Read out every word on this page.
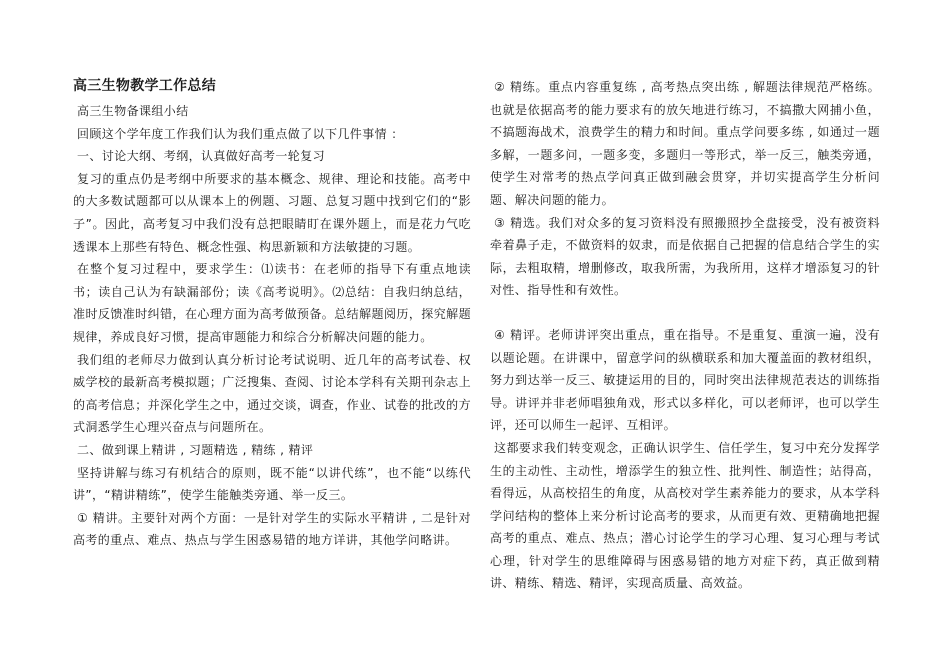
高三生物教学工作总结

高三生物备课组小结

回顾这个学年度工作我们认为我们重点做了以下几件事情 ：

一、讨论大纲、考纲，认真做好高考一轮复习

复习的重点仍是考纲中所要求的基本概念、规律、理论和技能。高考中的大多数试题都可以从课本上的例题、习题、总复习题中找到它们的“影子”。因此，高考复习中我们没有总把眼睛盯在课外题上，而是花力气吃透课本上那些有特色、概念性强、构思新颖和方法敏捷的习题。

在整个复习过程中，要求学生：⑴读书：在老师的指导下有重点地读书；读自己认为有缺漏部份；读《高考说明》。⑵总结：自我归纳总结，准时反馈准时纠错，在心理方面为高考做预备。总结解题阅历，探究解题规律，养成良好习惯，提高审题能力和综合分析解决问题的能力。

我们组的老师尽力做到认真分析讨论考试说明、近几年的高考试卷、权威学校的最新高考模拟题；广泛搜集、查阅、讨论本学科有关期刊杂志上的高考信息；并深化学生之中，通过交谈，调查，作业、试卷的批改的方式洞悉学生心理兴奋点与问题所在。

二、做到课上精讲 , 习题精选 , 精练 , 精评

坚持讲解与练习有机结合的原则，既不能“以讲代练”，也不能“以练代讲”，“精讲精练”，使学生能触类旁通、举一反三。

① 精讲。主要针对两个方面：一是针对学生的实际水平精讲 , 二是针对高考的重点、难点、热点与学生困惑易错的地方详讲，其他学问略讲。

② 精练。重点内容重复练 , 高考热点突出练 , 解题法律规范严格练。也就是依据高考的能力要求有的放矢地进行练习，不搞撒大网捕小鱼，不搞题海战术，浪费学生的精力和时间。重点学问要多练 , 如通过一题多解，一题多问，一题多变，多题归一等形式，举一反三，触类旁通，使学生对常考的热点学问真正做到融会贯穿，并切实提高学生分析问题、解决问题的能力。

③ 精选。我们对众多的复习资料没有照搬照抄全盘接受，没有被资料牵着鼻子走，不做资料的奴隶，而是依据自己把握的信息结合学生的实际，去粗取精，增删修改，取我所需，为我所用，这样才增添复习的针对性、指导性和有效性。

④ 精评。老师讲评突出重点，重在指导。不是重复、重演一遍，没有以题论题。在讲课中，留意学问的纵横联系和加大覆盖面的教材组织，努力到达举一反三、敏捷运用的目的，同时突出法律规范表达的训练指导。讲评并非老师唱独角戏，形式以多样化，可以老师评，也可以学生评，还可以师生一起评、互相评。

这都要求我们转变观念，正确认识学生、信任学生，复习中充分发挥学生的主动性、主动性，增添学生的独立性、批判性、制造性；站得高，看得远，从高校招生的角度，从高校对学生素养能力的要求，从本学科学问结构的整体上来分析讨论高考的要求，从而更有效、更精确地把握高考的重点、难点、热点；潜心讨论学生的学习心理、复习心理与考试心理，针对学生的思维障碍与困惑易错的地方对症下药，真正做到精讲、精练、精选、精评，实现高质量、高效益。
